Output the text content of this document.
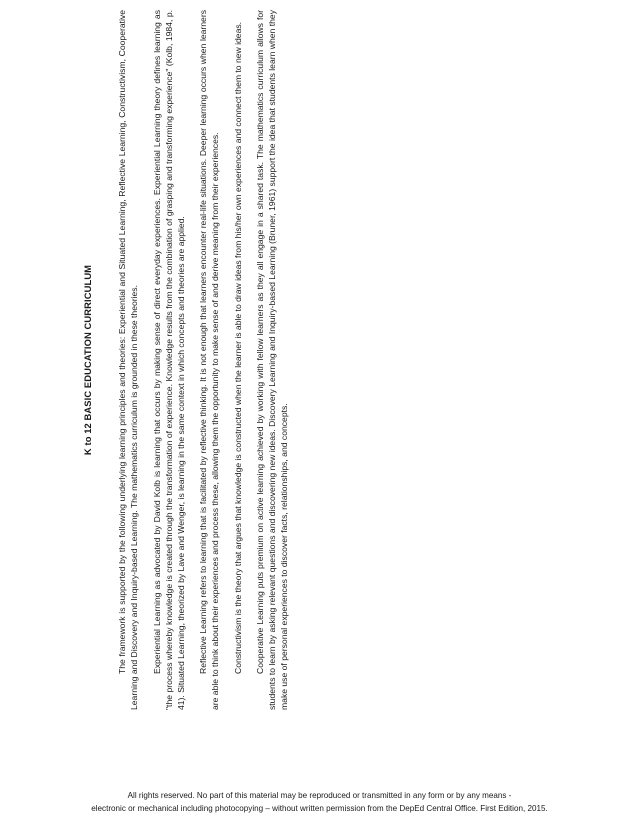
K to 12 BASIC EDUCATION CURRICULUM	The framework is supported by the following underlying learning principles and theories: Experiential and Situated Learning, Reflective Learning, Constructivism, Cooperative Learning and Discovery and Inquiry-based Learning. The mathematics curriculum is grounded in these theories. Experiential Learning as advocated by David Kolb is learning that occurs by making sense of direct everyday experiences. Experiential Learning theory defines learning as "the process whereby knowledge is created through the transformation of experience. Knowledge results from the combination of grasping and transforming experience" (Kolb, 1984, p. 41). Situated Learning, theorized by Lave and Wenger, is learning in the same context in which concepts and theories are applied. Reflective Learning refers to learning that is facilitated by reflective thinking. It is not enough that learners encounter real-life situations. Deeper learning occurs when learners are able to think about their experiences and process these, allowing them the opportunity to make sense of and derive meaning from their experiences. Constructivism is the theory that argues that knowledge is constructed when the learner is able to draw ideas from his/her own experiences and connect them to new ideas. Cooperative Learning puts premium on active learning achieved by working with fellow learners as they all engage in a shared task. The mathematics curriculum allows for students to learn by asking relevant questions and discovering new ideas. Discovery Learning and Inquiry-based Learning (Bruner, 1961) support the idea that students learn when they make use of personal experiences to discover facts, relationships, and concepts.

All rights reserved. No part of this material may be reproduced or transmitted in any form or by any means -
electronic or mechanical including photocopying – without written permission from the DepEd Central Office. First Edition, 2015.
